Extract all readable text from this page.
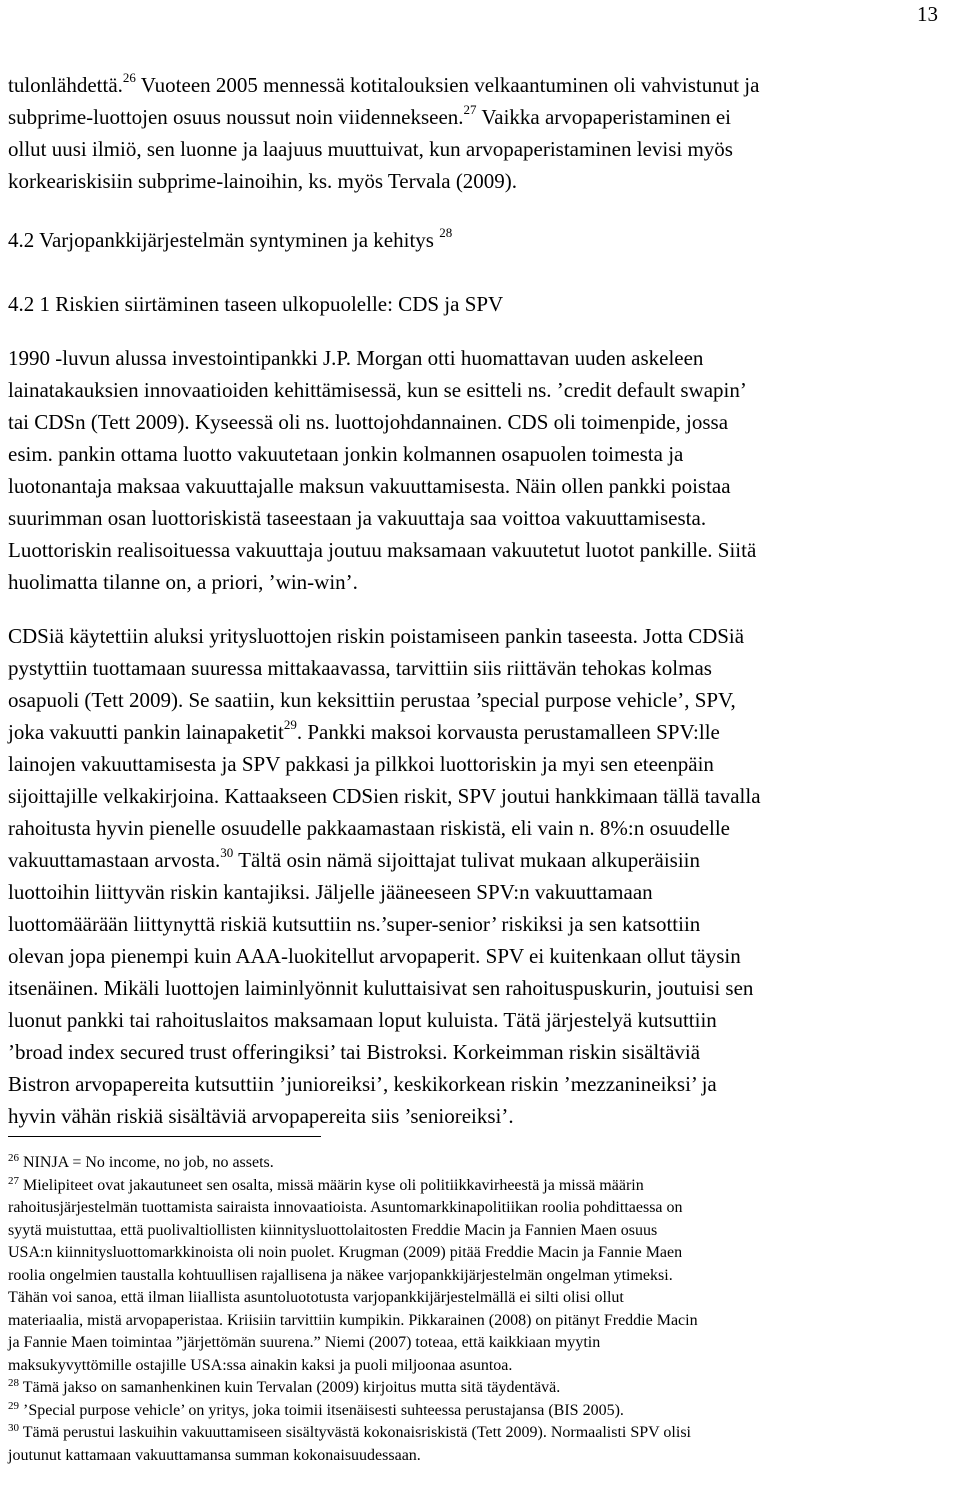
13
tulonlähdettä.$^{26}$ Vuoteen 2005 mennessä kotitalouksien velkaantuminen oli vahvistunut ja
subprime-luottojen osuus noussut noin viidennekseen.$^{27}$ Vaikka arvopaperistaminen ei
ollut uusi ilmiö, sen luonne ja laajuus muuttuivat, kun arvopaperistaminen levisi myös
korkeariskisiin subprime-lainoihin, ks. myös Tervala (2009).
4.2 Varjopankkijärjestelmän syntyminen ja kehitys $^{28}$
4.2 1 Riskien siirtäminen taseen ulkopuolelle: CDS ja SPV
1990 -luvun alussa investointipankki J.P. Morgan otti huomattavan uuden askeleen
lainatakauksien innovaatioiden kehittämisessä, kun se esitteli ns. ’credit default swapin’
tai CDSn (Tett 2009). Kyseessä oli ns. luottojohdannainen. CDS oli toimenpide, jossa
esim. pankin ottama luotto vakuutetaan jonkin kolmannen osapuolen toimesta ja
luotonantaja maksaa vakuuttajalle maksun vakuuttamisesta. Näin ollen pankki poistaa
suurimman osan luottoriskistä taseestaan ja vakuuttaja saa voittoa vakuuttamisesta.
Luottoriskin realisoituessa vakuuttaja joutuu maksamaan vakuutetut luotot pankille. Siitä
huolimatta tilanne on, a priori, ’win-win’.
CDSiä käytettiin aluksi yritysluottojen riskin poistamiseen pankin taseesta. Jotta CDSiä
pystyttiin tuottamaan suuressa mittakaavassa, tarvittiin siis riittävän tehokas kolmas
osapuoli (Tett 2009). Se saatiin, kun keksittiin perustaa ’special purpose vehicle’, SPV,
joka vakuutti pankin lainapaketit$^{29}$. Pankki maksoi korvausta perustamalleen SPV:lle
lainojen vakuuttamisesta ja SPV pakkasi ja pilkkoi luottoriskin ja myi sen eteenpäin
sijoittajille velkakirjoina. Kattaakseen CDSien riskit, SPV joutui hankkimaan tällä tavalla
rahoitusta hyvin pienelle osuudelle pakkaamastaan riskistä, eli vain n. 8%:n osuudelle
vakuuttamastaan arvosta.$^{30}$ Tältä osin nämä sijoittajat tulivat mukaan alkuperäisiin
luottoihin liittyvän riskin kantajiksi. Jäljelle jääneeseen SPV:n vakuuttamaan
luottomäärään liittynyttä riskiä kutsuttiin ns.’super-senior’ riskiksi ja sen katsottiin
olevan jopa pienempi kuin AAA-luokitellut arvopaperit. SPV ei kuitenkaan ollut täysin
itsenäinen. Mikäli luottojen laiminlyönnit kuluttaisivat sen rahoituspuskurin, joutuisi sen
luonut pankki tai rahoituslaitos maksamaan loput kuluista. Tätä järjestelyä kutsuttiin
’broad index secured trust offeringiksi’ tai Bistroksi. Korkeimman riskin sisältäviä
Bistron arvopapereita kutsuttiin ’junioreiksi’, keskikorkean riskin ’mezzanineiksi’ ja
hyvin vähän riskiä sisältäviä arvopapereita siis ’senioreiksi’.
$^{26}$ NINJA = No income, no job, no assets.
$^{27}$ Mielipiteet ovat jakautuneet sen osalta, missä määrin kyse oli politiikkavirheestä ja missä määrin
rahoitusjärjestelmän tuottamista sairaista innovaatioista. Asuntomarkkinapolitiikan roolia pohdittaessa on
syytä muistuttaa, että puolivaltiollisten kiinnitysluottolaitosten Freddie Macin ja Fannien Maen osuus
USA:n kiinnitysluottomarkkinoista oli noin puolet. Krugman (2009) pitää Freddie Macin ja Fannie Maen
roolia ongelmien taustalla kohtuullisen rajallisena ja näkee varjopankkijärjestelmän ongelman ytimeksi.
Tähän voi sanoa, että ilman liiallista asuntoluototusta varjopankkijärjestelmällä ei silti olisi ollut
materiaalia, mistä arvopaperistaa. Kriisiin tarvittiin kumpikin. Pikkarainen (2008) on pitänyt Freddie Macin
ja Fannie Maen toimintaa ”järjettömän suurena.” Niemi (2007) toteaa, että kaikkiaan myytin
maksukyvyttömille ostajille USA:ssa ainakin kaksi ja puoli miljoonaa asuntoa.
$^{28}$ Tämä jakso on samanhenkinen kuin Tervalan (2009) kirjoitus mutta sitä täydentävä.
$^{29}$ ’Special purpose vehicle’ on yritys, joka toimii itsenäisesti suhteessa perustajansa (BIS 2005).
$^{30}$ Tämä perustui laskuihin vakuuttamiseen sisältyvästä kokonaisriskistä (Tett 2009). Normaalisti SPV olisi
joutunut kattamaan vakuuttamansa summan kokonaisuudessaan.
